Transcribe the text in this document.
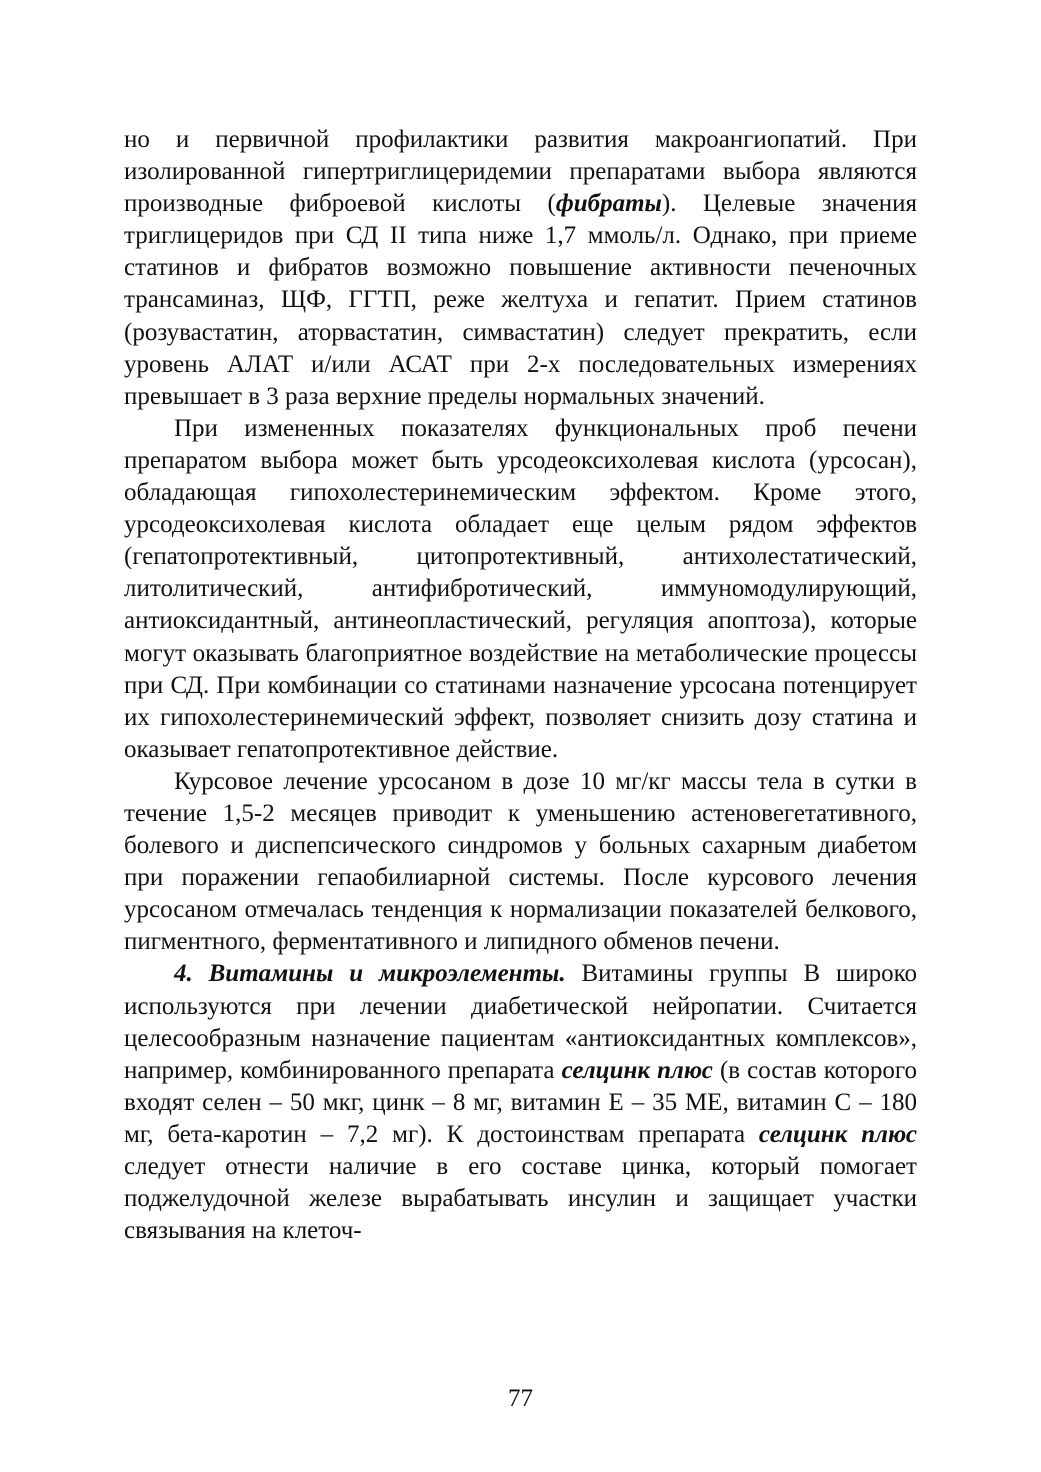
но и первичной профилактики развития макроангиопатий. При изолированной гипертриглицеридемии препаратами выбора являются производные фиброевой кислоты (фибраты). Целевые значения триглицеридов при СД II типа ниже 1,7 ммоль/л. Однако, при приеме статинов и фибратов возможно повышение активности печеночных трансаминаз, ЩФ, ГГТП, реже желтуха и гепатит. Прием статинов (розувастатин, аторвастатин, симвастатин) следует прекратить, если уровень АЛАТ и/или АСАТ при 2-х последовательных измерениях превышает в 3 раза верхние пределы нормальных значений.

При измененных показателях функциональных проб печени препаратом выбора может быть урсодеоксихолевая кислота (урсосан), обладающая гипохолестеринемическим эффектом. Кроме этого, урсодеоксихолевая кислота обладает еще целым рядом эффектов (гепатопротективный, цитопротективный, антихолестатический, литолитический, антифибротический, иммуномодулирующий, антиоксидантный, антинеопластический, регуляция апоптоза), которые могут оказывать благоприятное воздействие на метаболические процессы при СД. При комбинации со статинами назначение урсосана потенцирует их гипохолестеринемический эффект, позволяет снизить дозу статина и оказывает гепатопротективное действие.

Курсовое лечение урсосаном в дозе 10 мг/кг массы тела в сутки в течение 1,5-2 месяцев приводит к уменьшению астеновегетативного, болевого и диспепсического синдромов у больных сахарным диабетом при поражении гепаобилиарной системы. После курсового лечения урсосаном отмечалась тенденция к нормализации показателей белкового, пигментного, ферментативного и липидного обменов печени.

4. Витамины и микроэлементы. Витамины группы В широко используются при лечении диабетической нейропатии. Считается целесообразным назначение пациентам «антиоксидантных комплексов», например, комбинированного препарата селцинк плюс (в состав которого входят селен – 50 мкг, цинк – 8 мг, витамин Е – 35 МЕ, витамин С – 180 мг, бета-каротин – 7,2 мг). К достоинствам препарата селцинк плюс следует отнести наличие в его составе цинка, который помогает поджелудочной железе вырабатывать инсулин и защищает участки связывания на клеточ-

77
